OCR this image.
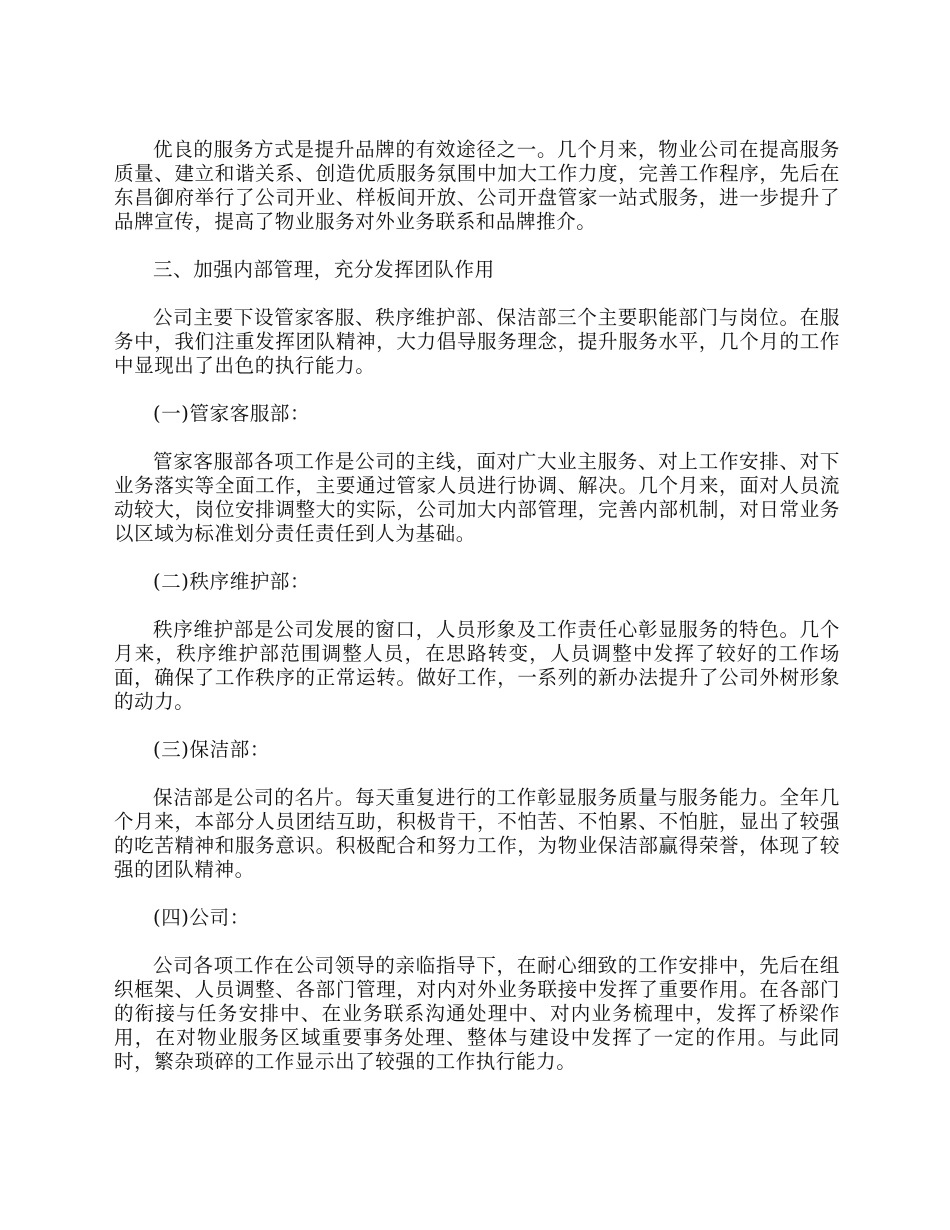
优良的服务方式是提升品牌的有效途径之一。几个月来，物业公司在提高服务质量、建立和谐关系、创造优质服务氛围中加大工作力度，完善工作程序，先后在东昌御府举行了公司开业、样板间开放、公司开盘管家一站式服务，进一步提升了品牌宣传，提高了物业服务对外业务联系和品牌推介。

三、加强内部管理，充分发挥团队作用

公司主要下设管家客服、秩序维护部、保洁部三个主要职能部门与岗位。在服务中，我们注重发挥团队精神，大力倡导服务理念，提升服务水平，几个月的工作中显现出了出色的执行能力。

(一)管家客服部：

管家客服部各项工作是公司的主线，面对广大业主服务、对上工作安排、对下业务落实等全面工作，主要通过管家人员进行协调、解决。几个月来，面对人员流动较大，岗位安排调整大的实际，公司加大内部管理，完善内部机制，对日常业务以区域为标准划分责任责任到人为基础。

(二)秩序维护部：

秩序维护部是公司发展的窗口，人员形象及工作责任心彰显服务的特色。几个月来，秩序维护部范围调整人员，在思路转变，人员调整中发挥了较好的工作场面，确保了工作秩序的正常运转。做好工作，一系列的新办法提升了公司外树形象的动力。

(三)保洁部：

保洁部是公司的名片。每天重复进行的工作彰显服务质量与服务能力。全年几个月来，本部分人员团结互助，积极肯干，不怕苦、不怕累、不怕脏，显出了较强的吃苦精神和服务意识。积极配合和努力工作，为物业保洁部赢得荣誉，体现了较强的团队精神。

(四)公司：

公司各项工作在公司领导的亲临指导下，在耐心细致的工作安排中，先后在组织框架、人员调整、各部门管理，对内对外业务联接中发挥了重要作用。在各部门的衔接与任务安排中、在业务联系沟通处理中、对内业务梳理中，发挥了桥梁作用，在对物业服务区域重要事务处理、整体与建设中发挥了一定的作用。与此同时，繁杂琐碎的工作显示出了较强的工作执行能力。
